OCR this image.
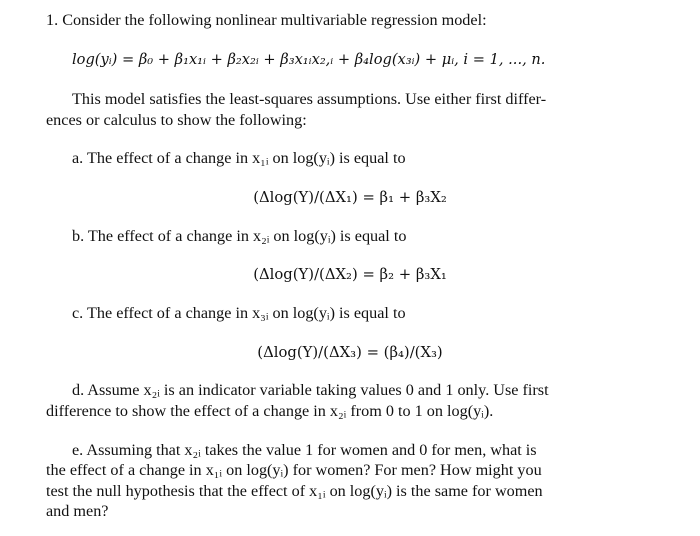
1. Consider the following nonlinear multivariable regression model:
log(yᵢ) = β₀ + β₁x₁ᵢ + β₂x₂ᵢ + β₃x₁ᵢx₂,ᵢ + β₄log(x₃ᵢ) + μᵢ, i = 1, ..., n.
This model satisfies the least-squares assumptions. Use either first differ-
ences or calculus to show the following:
a. The effect of a change in x₁ᵢ on log(yᵢ) is equal to
(Δlog(Y)/(ΔX₁) = β₁ + β₃X₂
b. The effect of a change in x₂ᵢ on log(yᵢ) is equal to
(Δlog(Y)/(ΔX₂) = β₂ + β₃X₁
c. The effect of a change in x₃ᵢ on log(yᵢ) is equal to
(Δlog(Y)/(ΔX₃) = (β₄)/(X₃)
d. Assume x₂ᵢ is an indicator variable taking values 0 and 1 only. Use first
difference to show the effect of a change in x₂ᵢ from 0 to 1 on log(yᵢ).
e. Assuming that x₂ᵢ takes the value 1 for women and 0 for men, what is
the effect of a change in x₁ᵢ on log(yᵢ) for women? For men? How might you
test the null hypothesis that the effect of x₁ᵢ on log(yᵢ) is the same for women
and men?
